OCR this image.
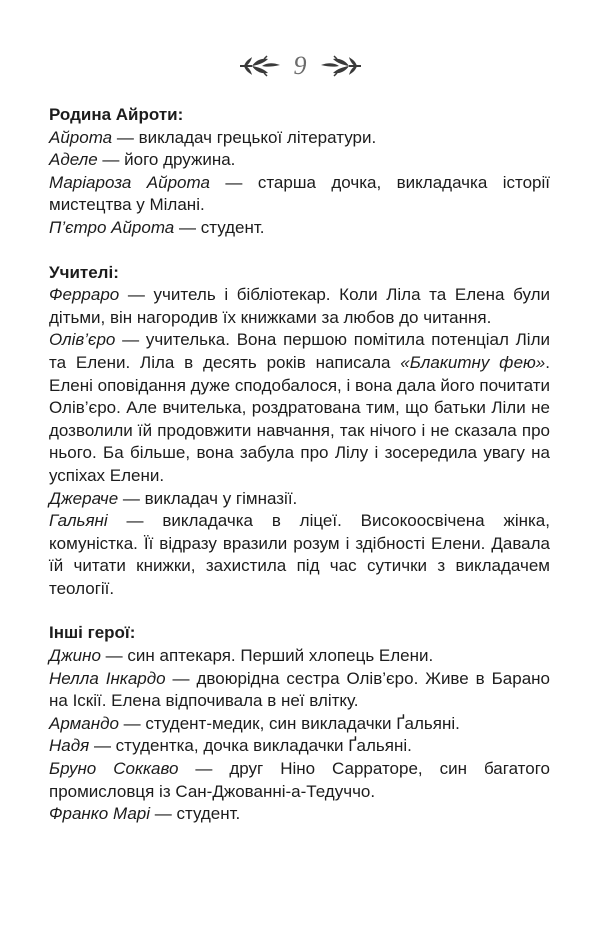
9
Родина Айроти:
Айрота — викладач грецької літератури.
Аделе — його дружина.
Маріароза Айрота — старша дочка, викладачка історії мистецтва у Мілані.
П’єтро Айрота — студент.
Учителі:
Ферраро — учитель і бібліотекар. Коли Ліла та Елена були дітьми, він нагородив їх книжками за любов до читання.
Олів’єро — учителька. Вона першою помітила потенціал Ліли та Елени. Ліла в десять років написала «Блакитну фею». Елені оповідання дуже сподобалося, і вона дала його почитати Олів’єро. Але вчителька, роздратована тим, що батьки Ліли не дозволили їй продовжити навчання, так нічого і не сказала про нього. Ба більше, вона забула про Лілу і зосередила увагу на успіхах Елени.
Джераче — викладач у гімназії.
Гальяні — викладачка в ліцеї. Високоосвічена жінка, комуністка. Її відразу вразили розум і здібності Елени. Давала їй читати книжки, захистила під час сутички з викладачем теології.
Інші герої:
Джино — син аптекаря. Перший хлопець Елени.
Нелла Інкардо — двоюрідна сестра Олів’єро. Живе в Барано на Іскії. Елена відпочивала в неї влітку.
Армандо — студент-медик, син викладачки Ґальяні.
Надя — студентка, дочка викладачки Ґальяні.
Бруно Соккаво — друг Ніно Сарраторе, син багатого промисловця із Сан-Джованні-а-Тедуччо.
Франко Марі — студент.
